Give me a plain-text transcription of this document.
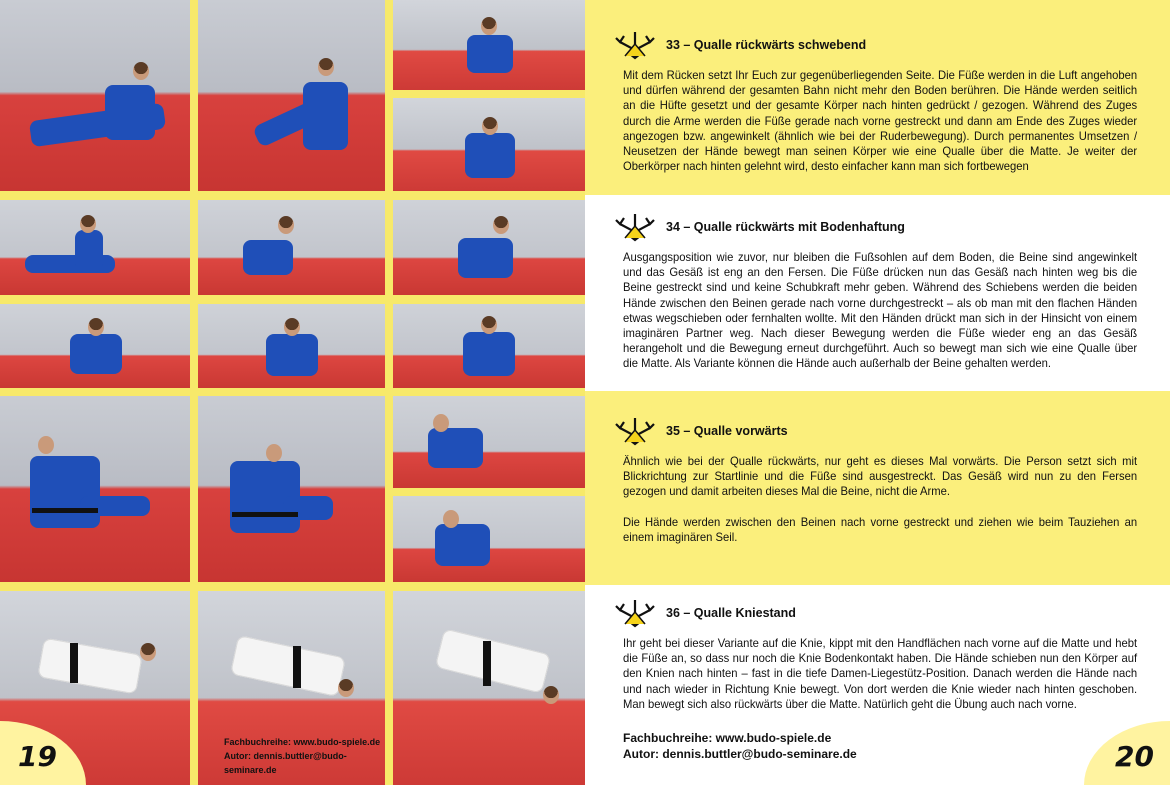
Fachbuchreihe: www.budo-spiele.de
Autor: dennis.buttler@budo-seminare.de
19
33 – Qualle rückwärts schwebend

Mit dem Rücken setzt Ihr Euch zur gegenüberliegenden Seite. Die Füße werden in die Luft angehoben und dürfen während der gesamten Bahn nicht mehr den Boden berühren. Die Hände werden seitlich an die Hüfte gesetzt und der gesamte Körper nach hinten gedrückt / gezogen. Während des Zuges durch die Arme werden die Füße gerade nach vorne gestreckt und dann am Ende des Zuges wieder angezogen bzw. angewinkelt (ähnlich wie bei der Ruderbewegung). Durch permanentes Umsetzen / Neusetzen der Hände bewegt man seinen Körper wie eine Qualle über die Matte. Je weiter der Oberkörper nach hinten gelehnt wird, desto einfacher kann man sich fortbewegen

34 – Qualle rückwärts mit Bodenhaftung

Ausgangsposition wie zuvor, nur bleiben die Fußsohlen auf dem Boden, die Beine sind angewinkelt und das Gesäß ist eng an den Fersen. Die Füße drücken nun das Gesäß nach hinten weg bis die Beine gestreckt sind und keine Schubkraft mehr geben. Während des Schiebens werden die beiden Hände zwischen den Beinen gerade nach vorne durchgestreckt – als ob man mit den flachen Händen etwas wegschieben oder fernhalten wollte. Mit den Händen drückt man sich in der Hinsicht von einem imaginären Partner weg. Nach dieser Bewegung werden die Füße wieder eng an das Gesäß herangeholt und die Bewegung erneut durchgeführt. Auch so bewegt man sich wie eine Qualle über die Matte. Als Variante können die Hände auch außerhalb der Beine gehalten werden.

35 – Qualle vorwärts

Ähnlich wie bei der Qualle rückwärts, nur geht es dieses Mal vorwärts. Die Person setzt sich mit Blickrichtung zur Startlinie und die Füße sind ausgestreckt. Das Gesäß wird nun zu den Fersen gezogen und damit arbeiten dieses Mal die Beine, nicht die Arme.

Die Hände werden zwischen den Beinen nach vorne gestreckt und ziehen wie beim Tauziehen an einem imaginären Seil.

36 – Qualle Kniestand

Ihr geht bei dieser Variante auf die Knie, kippt mit den Handflächen nach vorne auf die Matte und hebt die Füße an, so dass nur noch die Knie Bodenkontakt haben. Die Hände schieben nun den Körper auf den Knien nach hinten – fast in die tiefe Damen-Liegestütz-Position. Danach werden die Hände nach und nach wieder in Richtung Knie bewegt. Von dort werden die Knie wieder nach hinten geschoben. Man bewegt sich also rückwärts über die Matte. Natürlich geht die Übung auch nach vorne.

Fachbuchreihe: www.budo-spiele.de
Autor: dennis.buttler@budo-seminare.de	20
